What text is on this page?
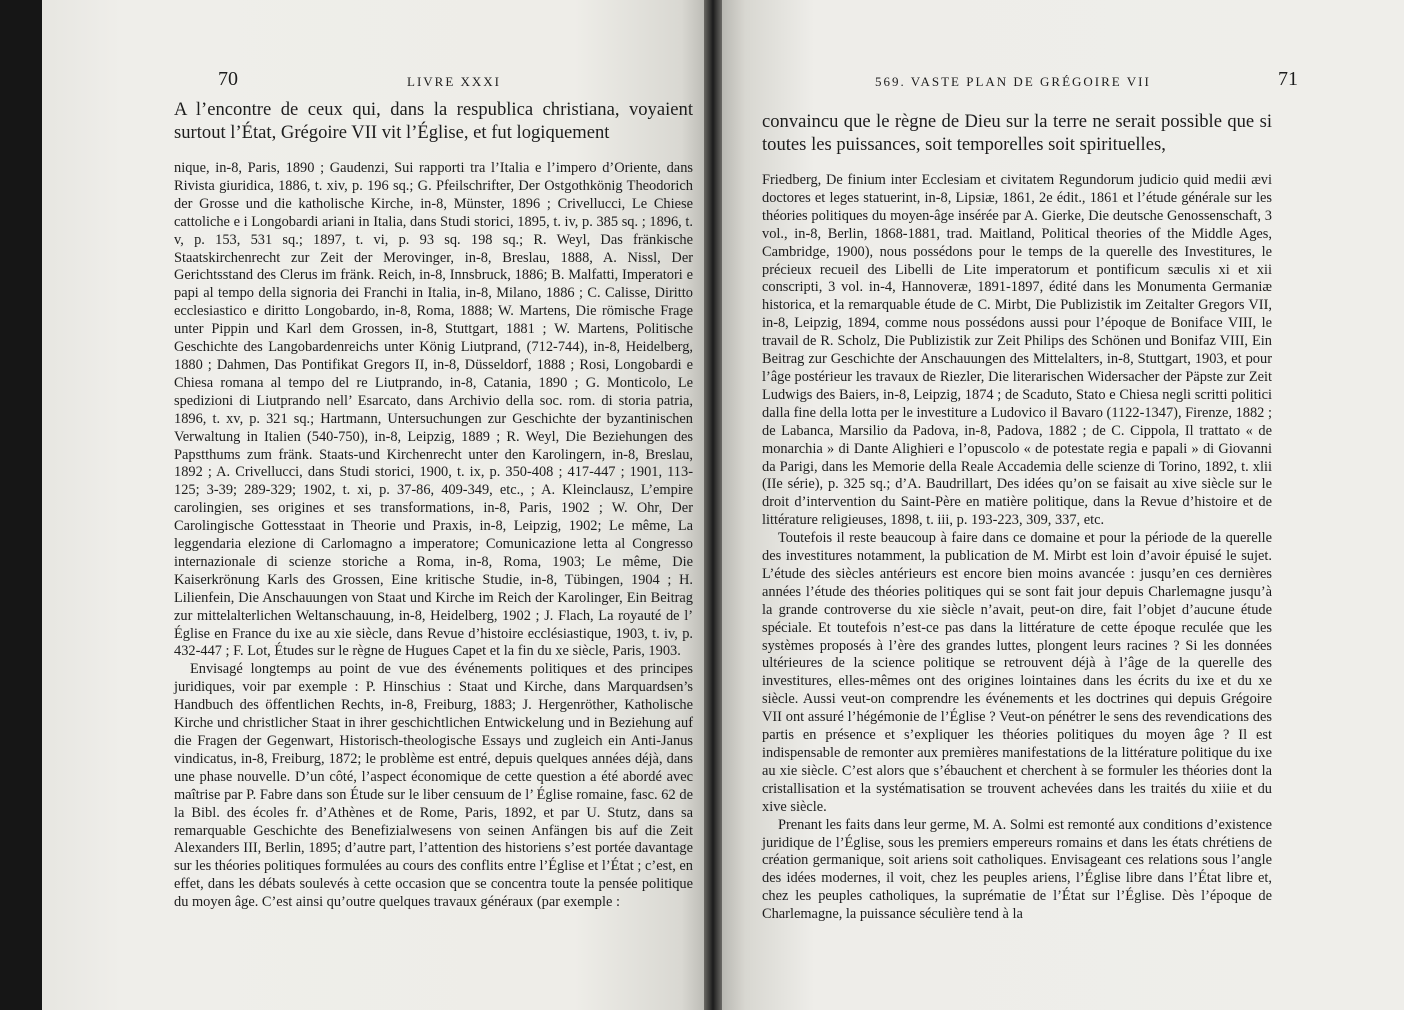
70	LIVRE XXXI	569. VASTE PLAN DE GRÉGOIRE VII	71

A l’encontre de ceux qui, dans la respublica christiana, voyaient surtout l’État, Grégoire VII vit l’Église, et fut logiquement

nique, in-8, Paris, 1890 ; Gaudenzi, Sui rapporti tra l’Italia e l’impero d’Oriente, dans Rivista giuridica, 1886, t. xiv, p. 196 sq.; G. Pfeilschrifter, Der Ostgothkönig Theodorich der Grosse und die katholische Kirche, in-8, Münster, 1896 ; Crivellucci, Le Chiese cattoliche e i Longobardi ariani in Italia, dans Studi storici, 1895, t. iv, p. 385 sq. ; 1896, t. v, p. 153, 531 sq.; 1897, t. vi, p. 93 sq. 198 sq.; R. Weyl, Das fränkische Staatskirchenrecht zur Zeit der Merovinger, in-8, Breslau, 1888, A. Nissl, Der Gerichtsstand des Clerus im fränk. Reich, in-8, Innsbruck, 1886; B. Malfatti, Imperatori e papi al tempo della signoria dei Franchi in Italia, in-8, Milano, 1886 ; C. Calisse, Diritto ecclesiastico e diritto Longobardo, in-8, Roma, 1888; W. Martens, Die römische Frage unter Pippin und Karl dem Grossen, in-8, Stuttgart, 1881 ; W. Martens, Politische Geschichte des Langobardenreichs unter König Liutprand, (712-744), in-8, Heidelberg, 1880 ; Dahmen, Das Pontifikat Gregors II, in-8, Düsseldorf, 1888 ; Rosi, Longobardi e Chiesa romana al tempo del re Liutprando, in-8, Catania, 1890 ; G. Monticolo, Le spedizioni di Liutprando nell’ Esarcato, dans Archivio della soc. rom. di storia patria, 1896, t. xv, p. 321 sq.; Hartmann, Untersuchungen zur Geschichte der byzantinischen Verwaltung in Italien (540-750), in-8, Leipzig, 1889 ; R. Weyl, Die Beziehungen des Papstthums zum fränk. Staats-und Kirchenrecht unter den Karolingern, in-8, Breslau, 1892 ; A. Crivellucci, dans Studi storici, 1900, t. ix, p. 350-408 ; 417-447 ; 1901, 113-125; 3-39; 289-329; 1902, t. xi, p. 37-86, 409-349, etc., ; A. Kleinclausz, L’empire carolingien, ses origines et ses transformations, in-8, Paris, 1902 ; W. Ohr, Der Carolingische Gottesstaat in Theorie und Praxis, in-8, Leipzig, 1902; Le même, La leggendaria elezione di Carlomagno a imperatore; Comunicazione letta al Congresso internazionale di scienze storiche a Roma, in-8, Roma, 1903; Le même, Die Kaiserkrönung Karls des Grossen, Eine kritische Studie, in-8, Tübingen, 1904 ; H. Lilienfein, Die Anschauungen von Staat und Kirche im Reich der Karolinger, Ein Beitrag zur mittelalterlichen Weltanschauung, in-8, Heidelberg, 1902 ; J. Flach, La royauté de l’ Église en France du ixe au xie siècle, dans Revue d’histoire ecclésiastique, 1903, t. iv, p. 432-447 ; F. Lot, Études sur le règne de Hugues Capet et la fin du xe siècle, Paris, 1903.

Envisagé longtemps au point de vue des événements politiques et des principes juridiques, voir par exemple : P. Hinschius : Staat und Kirche, dans Marquardsen’s Handbuch des öffentlichen Rechts, in-8, Freiburg, 1883; J. Hergenröther, Katholische Kirche und christlicher Staat in ihrer geschichtlichen Entwickelung und in Beziehung auf die Fragen der Gegenwart, Historisch-theologische Essays und zugleich ein Anti-Janus vindicatus, in-8, Freiburg, 1872; le problème est entré, depuis quelques années déjà, dans une phase nouvelle. D’un côté, l’aspect économique de cette question a été abordé avec maîtrise par P. Fabre dans son Étude sur le liber censuum de l’ Église romaine, fasc. 62 de la Bibl. des écoles fr. d’Athènes et de Rome, Paris, 1892, et par U. Stutz, dans sa remarquable Geschichte des Benefizialwesens von seinen Anfängen bis auf die Zeit Alexanders III, Berlin, 1895; d’autre part, l’attention des historiens s’est portée davantage sur les théories politiques formulées au cours des conflits entre l’Église et l’État ; c’est, en effet, dans les débats soulevés à cette occasion que se concentra toute la pensée politique du moyen âge. C’est ainsi qu’outre quelques travaux généraux (par exemple :

convaincu que le règne de Dieu sur la terre ne serait possible que si toutes les puissances, soit temporelles soit spirituelles,

Friedberg, De finium inter Ecclesiam et civitatem Regundorum judicio quid medii ævi doctores et leges statuerint, in-8, Lipsiæ, 1861, 2e édit., 1861 et l’étude générale sur les théories politiques du moyen-âge insérée par A. Gierke, Die deutsche Genossenschaft, 3 vol., in-8, Berlin, 1868-1881, trad. Maitland, Political theories of the Middle Ages, Cambridge, 1900), nous possédons pour le temps de la querelle des Investitures, le précieux recueil des Libelli de Lite imperatorum et pontificum sæculis xi et xii conscripti, 3 vol. in-4, Hannoveræ, 1891-1897, édité dans les Monumenta Germaniæ historica, et la remarquable étude de C. Mirbt, Die Publizistik im Zeitalter Gregors VII, in-8, Leipzig, 1894, comme nous possédons aussi pour l’époque de Boniface VIII, le travail de R. Scholz, Die Publizistik zur Zeit Philips des Schönen und Bonifaz VIII, Ein Beitrag zur Geschichte der Anschauungen des Mittelalters, in-8, Stuttgart, 1903, et pour l’âge postérieur les travaux de Riezler, Die literarischen Widersacher der Päpste zur Zeit Ludwigs des Baiers, in-8, Leipzig, 1874 ; de Scaduto, Stato e Chiesa negli scritti politici dalla fine della lotta per le investiture a Ludovico il Bavaro (1122-1347), Firenze, 1882 ; de Labanca, Marsilio da Padova, in-8, Padova, 1882 ; de C. Cippola, Il trattato « de monarchia » di Dante Alighieri e l’opuscolo « de potestate regia e papali » di Giovanni da Parigi, dans les Memorie della Reale Accademia delle scienze di Torino, 1892, t. xlii (IIe série), p. 325 sq.; d’A. Baudrillart, Des idées qu’on se faisait au xive siècle sur le droit d’intervention du Saint-Père en matière politique, dans la Revue d’histoire et de littérature religieuses, 1898, t. iii, p. 193-223, 309, 337, etc.

Toutefois il reste beaucoup à faire dans ce domaine et pour la période de la querelle des investitures notamment, la publication de M. Mirbt est loin d’avoir épuisé le sujet. L’étude des siècles antérieurs est encore bien moins avancée : jusqu’en ces dernières années l’étude des théories politiques qui se sont fait jour depuis Charlemagne jusqu’à la grande controverse du xie siècle n’avait, peut-on dire, fait l’objet d’aucune étude spéciale. Et toutefois n’est-ce pas dans la littérature de cette époque reculée que les systèmes proposés à l’ère des grandes luttes, plongent leurs racines ? Si les données ultérieures de la science politique se retrouvent déjà à l’âge de la querelle des investitures, elles-mêmes ont des origines lointaines dans les écrits du ixe et du xe siècle. Aussi veut-on comprendre les événements et les doctrines qui depuis Grégoire VII ont assuré l’hégémonie de l’Église ? Veut-on pénétrer le sens des revendications des partis en présence et s’expliquer les théories politiques du moyen âge ? Il est indispensable de remonter aux premières manifestations de la littérature politique du ixe au xie siècle. C’est alors que s’ébauchent et cherchent à se formuler les théories dont la cristallisation et la systématisation se trouvent achevées dans les traités du xiiie et du xive siècle.

Prenant les faits dans leur germe, M. A. Solmi est remonté aux conditions d’existence juridique de l’Église, sous les premiers empereurs romains et dans les états chrétiens de création germanique, soit ariens soit catholiques. Envisageant ces relations sous l’angle des idées modernes, il voit, chez les peuples ariens, l’Église libre dans l’État libre et, chez les peuples catholiques, la suprématie de l’État sur l’Église. Dès l’époque de Charlemagne, la puissance séculière tend à la
